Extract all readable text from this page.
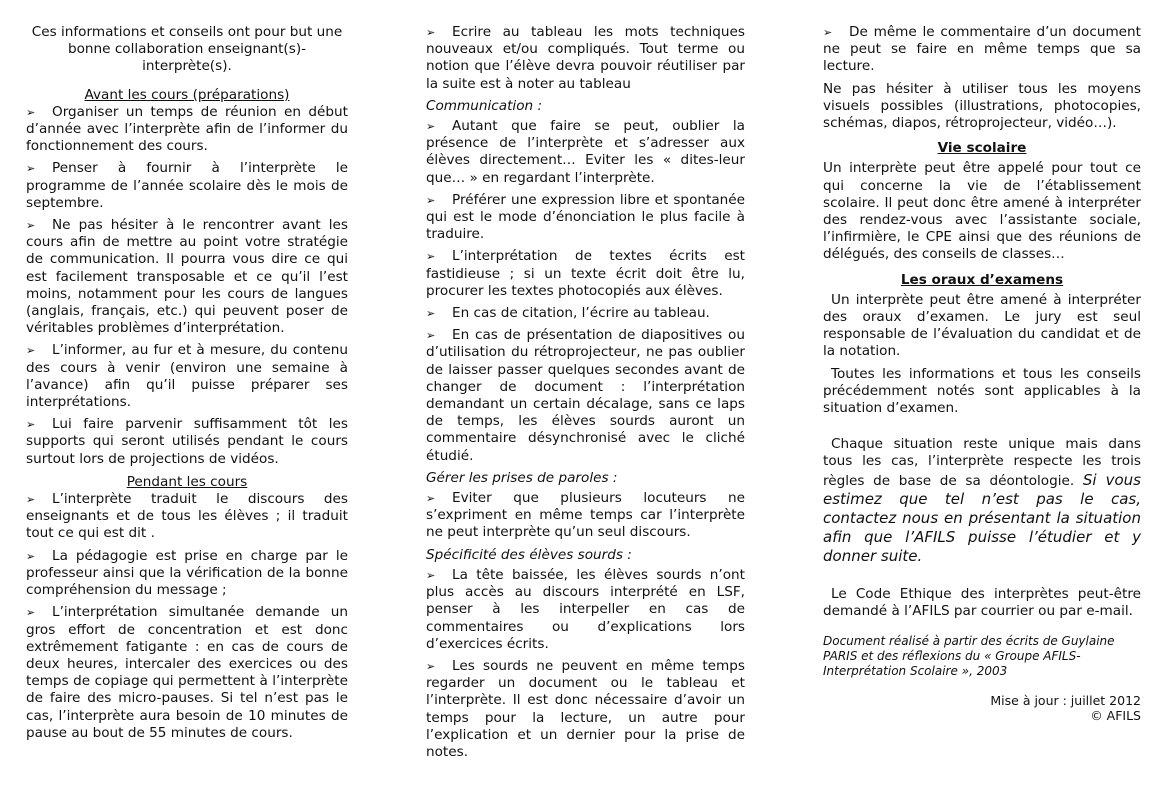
Ces informations et conseils ont pour but une bonne collaboration enseignant(s)-interprète(s).

Avant les cours (préparations)

➢ Organiser un temps de réunion en début d’année avec l’interprète afin de l’informer du fonctionnement des cours.

➢ Penser à fournir à l’interprète le programme de l’année scolaire dès le mois de septembre.

➢ Ne pas hésiter à le rencontrer avant les cours afin de mettre au point votre stratégie de communication. Il pourra vous dire ce qui est facilement transposable et ce qu’il l’est moins, notamment pour les cours de langues (anglais, français, etc.) qui peuvent poser de véritables problèmes d’interprétation.

➢ L’informer, au fur et à mesure, du contenu des cours à venir (environ une semaine à l’avance) afin qu’il puisse préparer ses interprétations.

➢ Lui faire parvenir suffisamment tôt les supports qui seront utilisés pendant le cours surtout lors de projections de vidéos.

Pendant les cours

➢ L’interprète traduit le discours des enseignants et de tous les élèves ; il traduit tout ce qui est dit .

➢ La pédagogie est prise en charge par le professeur ainsi que la vérification de la bonne compréhension du message ;

➢ L’interprétation simultanée demande un gros effort de concentration et est donc extrêmement fatigante : en cas de cours de deux heures, intercaler des exercices ou des temps de copiage qui permettent à l’interprète de faire des micro-pauses. Si tel n’est pas le cas, l’interprète aura besoin de 10 minutes de pause au bout de 55 minutes de cours.

➢ Ecrire au tableau les mots techniques nouveaux et/ou compliqués. Tout terme ou notion que l’élève devra pouvoir réutiliser par la suite est à noter au tableau

Communication :

➢ Autant que faire se peut, oublier la présence de l’interprète et s’adresser aux élèves directement… Eviter les « dites-leur que… » en regardant l’interprète.

➢ Préférer une expression libre et spontanée qui est le mode d’énonciation le plus facile à traduire.

➢ L’interprétation de textes écrits est fastidieuse ; si un texte écrit doit être lu, procurer les textes photocopiés aux élèves.

➢ En cas de citation, l’écrire au tableau.

➢ En cas de présentation de diapositives ou d’utilisation du rétroprojecteur, ne pas oublier de laisser passer quelques secondes avant de changer de document : l’interprétation demandant un certain décalage, sans ce laps de temps, les élèves sourds auront un commentaire désynchronisé avec le cliché étudié.

Gérer les prises de paroles :

➢ Eviter que plusieurs locuteurs ne s’expriment en même temps car l’interprète ne peut interprète qu’un seul discours.

Spécificité des élèves sourds :

➢ La tête baissée, les élèves sourds n’ont plus accès au discours interprété en LSF, penser à les interpeller en cas de commentaires ou d’explications lors d’exercices écrits.

➢ Les sourds ne peuvent en même temps regarder un document ou le tableau et l’interprète. Il est donc nécessaire d’avoir un temps pour la lecture, un autre pour l’explication et un dernier pour la prise de notes.

➢ De même le commentaire d’un document ne peut se faire en même temps que sa lecture.

Ne pas hésiter à utiliser tous les moyens visuels possibles (illustrations, photocopies, schémas, diapos, rétroprojecteur, vidéo…).

Vie scolaire

Un interprète peut être appelé pour tout ce qui concerne la vie de l’établissement scolaire. Il peut donc être amené à interpréter des rendez-vous avec l’assistante sociale, l’infirmière, le CPE ainsi que des réunions de délégués, des conseils de classes…

Les oraux d’examens

Un interprète peut être amené à interpréter des oraux d’examen. Le jury est seul responsable de l’évaluation du candidat et de la notation.

Toutes les informations et tous les conseils précédemment notés sont applicables à la situation d’examen.

Chaque situation reste unique mais dans tous les cas, l’interprète respecte les trois règles de base de sa déontologie. Si vous estimez que tel n’est pas le cas, contactez nous en présentant la situation afin que l’AFILS puisse l’étudier et y donner suite.

Le Code Ethique des interprètes peut-être demandé à l’AFILS par courrier ou par e-mail.

Document réalisé à partir des écrits de Guylaine PARIS et des réflexions du « Groupe AFILS-Interprétation Scolaire », 2003

Mise à jour : juillet 2012
© AFILS
